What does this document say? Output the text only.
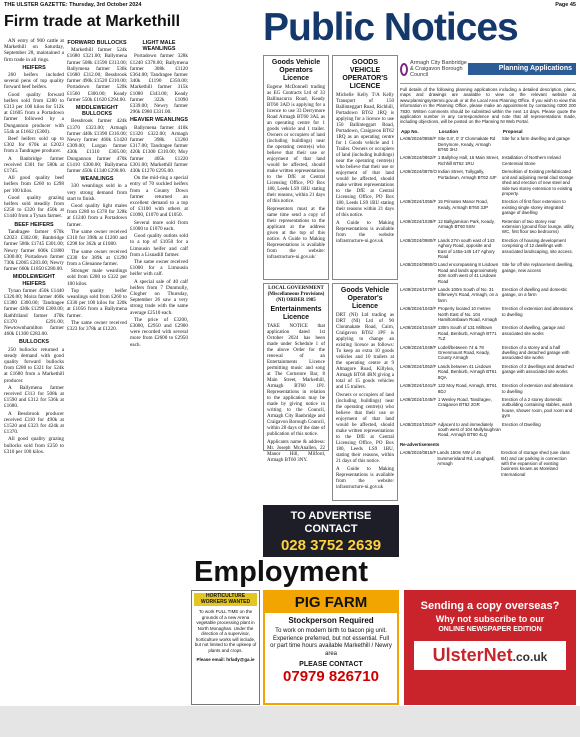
THE ULSTER GAZETTE: Thursday, 3rd October 2024	Page 45
Firm trade at Markethill Public Notices

AN entry of 900 cattle at Markethill on Saturday, September 28, maintained a firm trade in all rings.

HEIFERS

260 heifers included several pens of top quality forward beef heifers.

Good quality forward heifers sold from £280 to £313 per 100 kilos for 512k at £1605 from a Portadown farmer followed by a Dungannon producer with 554k at £1662 (£300).

Beef heifers sold up to £302 for 670k at £2023 from a Tandragee producer.

A Banbridge farmer received £301 for 580k at £1745.

All good quality beef heifers from £260 to £298 per 100 kilos.

Good quality grazing heifers sold steadily from £250 to £320 for 450k at £1440 from a Tynan farmer.

BEEF HEIFERS

Tandragee farmer 670k £2023 £302.00; Banbridge farmer 580k £1745 £301.00; Newry farmer 600k £1800 £300.00; Portadown farmer 730k £2065 £283.00; Newry farmer 660k £1850 £280.00.

MIDDLEWEIGHT HEIFERS

Tynan farmer 450k £1440 £320.00; Moira farmer 460k £1380 £300.00; Tandragee farmer 430k £1290 £300.00; Rathfriland farmer 470k £1370 £291.00; Newtownhamilton farmer 460k £1300 £283.00.

BULLOCKS

250 bullocks returned a steady demand with good quality forward bullocks from £280 to £321 for 524k at £1680 from a Markethill producer.

A Ballymena farmer received £313 for 508k at £1590 and £312 for 536k at £1680.

A Bessbrook producer received £310 for 490k at £1520 and £323 for 424k at £1370.

All good quality grazing bullocks sold from £250 to £310 per 100 kilos.

FORWARD BULLOCKS

Markethill farmer 524k £1680 £321.00; Ballymena farmer 508k £1590 £313.00; Ballymena farmer 536k £1680 £312.00; Bessbrook farmer 490k £1520 £310.00; Portadown farmer 520k £1560 £300.00; Keady farmer 550k £1620 £294.00.

MIDDLEWEIGHT BULLOCKS

Bessbrook farmer 424k £1370 £323.00; Armagh farmer 440k £1390 £316.00; Newry farmer 460k £1420 £309.00; Lurgan farmer 430k £1310 £305.00; Dungannon farmer 470k £1410 £300.00; Ballymena farmer 450k £1340 £298.00.

WEANLINGS

330 weanlings sold in a very strong demand from start to finish.

Good quality light males from £280 to £378 for 328k at £1240 from a Portadown farmer.

The same owner received £310 for 398k at £1200 and £298 for 362k at £1080.

The same owner received £330 for 389k at £1290 from a Glenanne farmer.

Stronger male weanlings sold from £280 to £322 per 100 kilos.

Top quality heifer weanlings sold from £260 to £330 per 100 kilos for 320k at £1056 from a Ballymena farmer.

The same owner received £323 for 378k at £1220.

LIGHT MALE WEANLINGS

Portadown farmer 328k £1240 £378.00; Ballymena farmer 308k £1120 £364.00; Tandragee farmer 340k £1190 £350.00; Markethill farmer 315k £1080 £343.00; Keady farmer 322k £1090 £339.00; Newry farmer 296k £980 £331.00.

HEAVIER WEANLINGS

Ballymena farmer 410k £1320 £322.00; Armagh farmer 398k £1260 £317.00; Tandragee farmer 420k £1300 £310.00; Moy farmer 405k £1220 £301.00; Markethill farmer 430k £1270 £295.00.

On the mid-ring a special entry of 70 suckled heifers from a County Down farmer returned an excellent demand to a top of £1100 with others at £1090, £1070 and £1050.

Several more sold from £1000 to £1070 each.

Good quality outlots sold to a top of £1050 for a Limousin heifer and calf from a Lisnadill farmer.

The same owner received £1000 for a Limousin heifer with calf.

A special sale of 40 calf heifers from 7 Dunmully, Clogher on Thursday, September 26 saw a very strong trade with the same average £2510 each.

The price of £3200, £3000, £2950 and £2900 were recorded with several more from £2600 to £2950 each.

Goods Vehicle Operators Licence

Eugene McDonnell trading as EG Contracts Ltd of 33 Ballinacurra Road, Keady BT60 3AD is applying for a licence to use 33 Derrymore Road Armagh BT60 3AL as an operating centre for 1 goods vehicle and 1 trailer. Owners or occupiers of land (including buildings) near the operating centre(s) who believe that their use or enjoyment of that land would be affected, should make written representations to the DfE at Central Licensing Office, PO Box 180, Leeds LS9 1BU stating their reasons, within 21 days of this notice.

Representors must at the same time send a copy of their representations to the applicant at the address given at the top of this notice. A Guide to Making Representations is available from the website: infrastructure-ni.gov.uk/

GOODS VEHICLE OPERATOR'S LICENCE

Michelle Kelly T/A Kelly Transport of 150 Ballinteggart Road, Richhill, Portadown BT62 1RQ is applying for a licence to use 150 Ballinteggart Road, Portadown, Craigavon BT62 1RQ as an operating centre for 1 Goods vehicle and 1 Trailer. Owners or occupiers of land (including buildings) near the operating centre(s) who believe that their use or enjoyment of that land would be affected, should make written representations to the DfE at Central Licensing Office, PO Box 180, Leeds LS9 1BU stating their reasons within 21 days of this notice.

A Guide to Making Representations is available from the website infrastructure-ni.gov.uk

LOCAL GOVERNMENT (Miscellaneous Provisions) (NI) ORDER 1985

Entertainments Licence

TAKE NOTICE that application dated 1st October 2024 has been made under Schedule 1 of the above Order for the renewal of an Entertainments Licence permitting music and song at The Cornstore Bar, 8 Main Street, Markethill, Armagh BT60 1PJ. Representations in relation to the application may be made by giving notice in writing to the Council, Armagh City Banbridge and Craigavon Borough Council, within 28 days of the date of publication of this notice.

Applicants name & address: Mr. Joseph McAnallen, 22 Manor Hill, Milford, Armagh BT60 3NY.

Goods Vehicle Operator's Licence

DRT (NI) Ltd trading as DRT (NI) Ltd of 90 Clonmakate Road, Cairn, Craigavon BT62 1PF is applying to change an existing licence as follows: To keep an extra 10 goods vehicles and 10 trailers at the operating centre at 9 Altnagore Road, Killylea, Armagh BT60 4RN giving a total of 15 goods vehicles and 15 trailers.

Owners or occupiers of land (including buildings) near the operating centre(s) who believe that their use or enjoyment of that land would be affected, should make written representations to the DfE at Central Licensing Office, PO Box 180, Leeds LS9 1BU, stating their reasons, within 21 days of this notice.

A Guide to Making Representations is available from the website: infrastructure-ni.gov.uk

TO ADVERTISE
CONTACT
028 3752 2639
Armagh City Banbridge & Craigavon Borough Council
Planning Applications

Full details of the following planning applications including a detailed description, plans, maps and drawings are available to view on the relevant website at www.planningsystemni.gov.uk or at the Local Area Planning Office. If you wish to view this information in the Planning Office, please make an appointment by contacting 0300 200 7830. Written comments should be submitted within the next 14 days. Please quote the application number in any correspondence and note that all representations made, including objections, will be posted on the Planning NI Web Portal.

App No.	Location	Proposal
LA08/2024/0856/F	Site 0.8', 0' 3' Clonmakate Rd Derrymore, Keady, Armagh BT60 3HJ	Site for a farm dwelling and garage
LA08/2024/0862/F	1 Ballyhoy Hall, 16 Main Street, Richhill BT62 1RU	Installation of Northern Ireland Centennial Stone
LA08/2024/0870/O	Indian Street, Tullygally, Portadown, Armagh BT62 4JF	Demolition of Existing prefabricated unit and adjoining metal clad storage shed and erection of new steel and side two storey extension to existing property.
LA08/2024/1055/F	15 Primates Manor Road, Keady, Armagh BT60 3JP	Erection of first floor extension to existing single storey integrated garage of dwelling
LA08/2024/1038/F	12 Ballyjamison Park, Keady, Armagh BT60 5SN	Retention of two storey rear extension (ground floor lounge, utility, WC, first floor two bedrooms)
LA08/2024/0980/F	Lands 27m south east of 143 Aghory Road, opposite and East of 145a-145 147 Aghory Road	Erection of housing development comprising of 12 dwellings with associated landscaping, site access.
LA08/2024/0950/O	Land encompassing 8 Lisdown Road and lands approximately 40m north west of 41 Lisdown Road	Site for off site replacement dwelling, garage, new access
LA08/2024/1070/F	Lands 100m South of No. 31 Ellenvey's Road, Armagh, on a farm	Erection of dwelling and domestic garage, on a farm
LA08/2024/1043/F	Property located 10 metres North East of No. 104 Hamiltonsbawn Road, Armagh	Erection of extension and alterations to dwelling
LA08/2024/1044/F	130m South of 131 Milltown Road, Benburb, Armagh BT71 7LZ	Erection of dwelling, garage and associated site works
LA08/2024/1049/F	Lodell/between 74 & 78 Greenmount Road, Keady, County Armagh	Erection of a storey and a half dwelling and detached garage with associated site works
LA08/2024/1052/F	Lands between 41 Lisdown Road, Benburb, Armagh BT61 8QA	Erection of 2 dwellings and detached garage with associated site works
LA08/2024/1041/F	122 Moy Road, Armagh, BT61 8DJ	Erection of extension and alterations to dwelling
LA08/2024/1045/F	1 Wesley Road, Tandragee, Craigavon BT62 2GR	Erection of a 2 storey domestic outbuilding containing stables, wash house, shower room, pool room and gym
LA08/2024/1051/F	Adjacent to and immediately south west of 104 Mullyloughran Road, Armagh BT60 4LQ	Erection of Dwelling

Re-advertisements

LA08/2024/0815/F	Lands 150m NW of 45 Summerisland Rd, Loughgall, Armagh	Erection of storage shed (use class B4) and car parking in connection with the expansion of existing business known as Moreland International
Employment
HORTICULTURE WORKERS WANTED
To work FULL TIME on the grounds of a new Arena vegetable processing plant in North Monaghan. Under the direction of a supervisor, horticulture works will include, but not limited to the upkeep of plants and crops.
Please email: hrlady@ga.ie
PIG FARM
Stockperson Required
To work on modern birth to bacon pig unit. Experience preferred, but not essential. Full or part time hours available Markethill / Newry area
PLEASE CONTACT
07979 826710
Sending a copy overseas?
Why not subscribe to our
ONLINE NEWSPAPER EDITION
UlsterNet.co.uk
